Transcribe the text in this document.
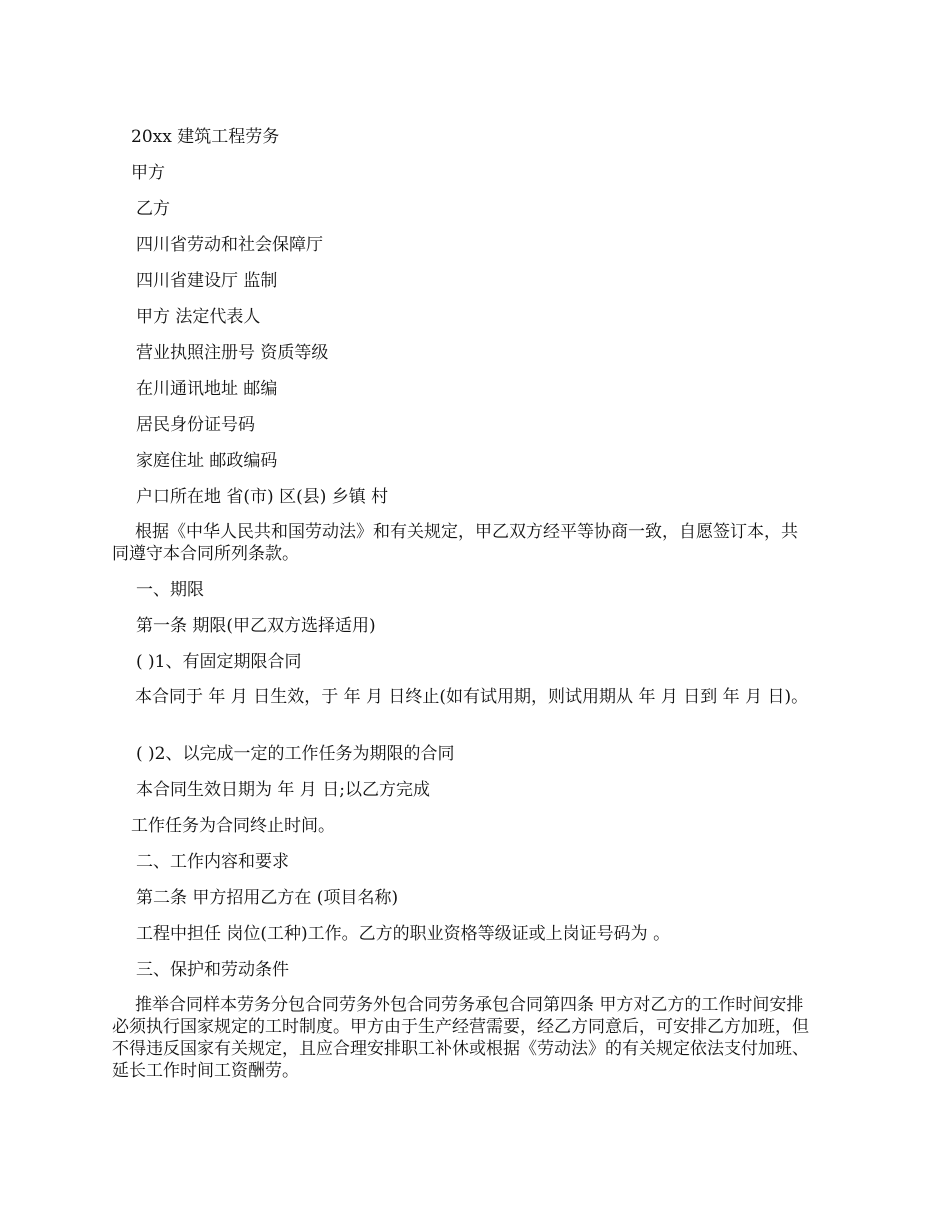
20xx 建筑工程劳务
甲方
乙方
四川省劳动和社会保障厅
四川省建设厅 监制
甲方 法定代表人
营业执照注册号 资质等级
在川通讯地址 邮编
居民身份证号码
家庭住址 邮政编码
户口所在地 省(市) 区(县) 乡镇 村
根据《中华人民共和国劳动法》和有关规定，甲乙双方经平等协商一致，自愿签订本，共同遵守本合同所列条款。
一、期限
第一条 期限(甲乙双方选择适用)
( )1、有固定期限合同
本合同于 年 月 日生效，于 年 月 日终止(如有试用期，则试用期从 年 月 日到 年 月 日)。
( )2、以完成一定的工作任务为期限的合同
本合同生效日期为 年 月 日;以乙方完成
工作任务为合同终止时间。
二、工作内容和要求
第二条 甲方招用乙方在 (项目名称)
工程中担任 岗位(工种)工作。乙方的职业资格等级证或上岗证号码为 。
三、保护和劳动条件
推举合同样本劳务分包合同劳务外包合同劳务承包合同第四条 甲方对乙方的工作时间安排必须执行国家规定的工时制度。甲方由于生产经营需要，经乙方同意后，可安排乙方加班，但不得违反国家有关规定，且应合理安排职工补休或根据《劳动法》的有关规定依法支付加班、延长工作时间工资酬劳。
